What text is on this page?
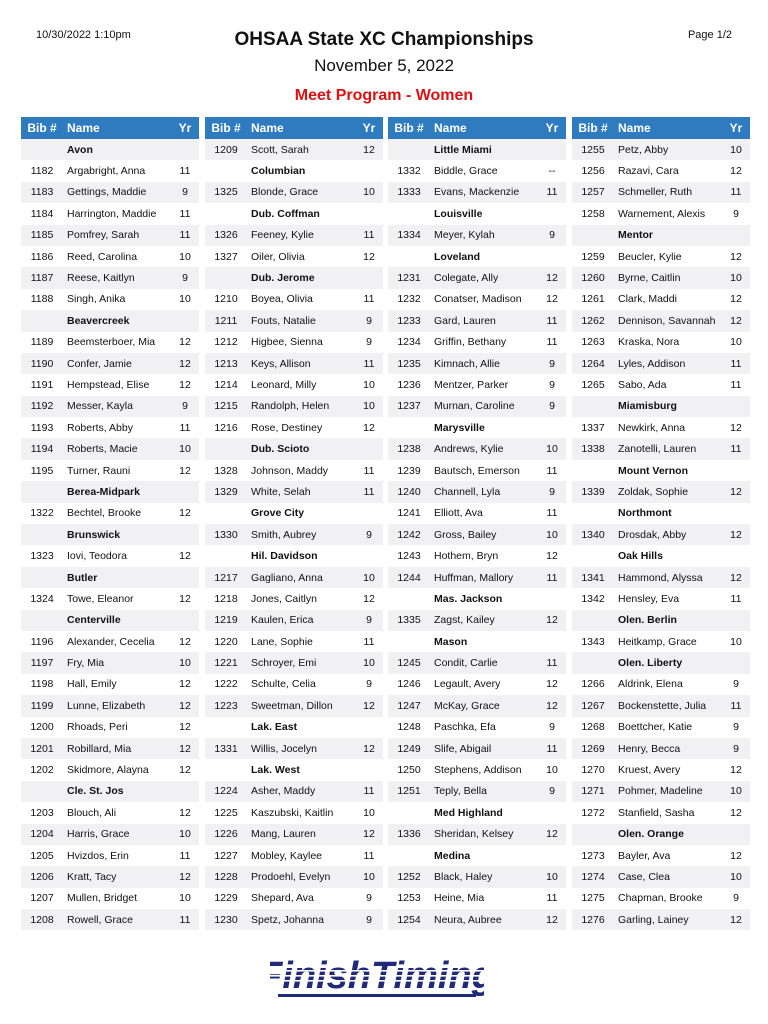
10/30/2022 1:10pm	Page 1/2
OHSAA State XC Championships
November 5, 2022
Meet Program - Women
Bib #	Name	Yr
	Avon	
1182	Argabright, Anna	11
1183	Gettings, Maddie	9
1184	Harrington, Maddie	11
1185	Pomfrey, Sarah	11
1186	Reed, Carolina	10
1187	Reese, Kaitlyn	9
1188	Singh, Anika	10
	Beavercreek	
1189	Beemsterboer, Mia	12
1190	Confer, Jamie	12
1191	Hempstead, Elise	12
1192	Messer, Kayla	9
1193	Roberts, Abby	11
1194	Roberts, Macie	10
1195	Turner, Rauni	12
	Berea-Midpark	
1322	Bechtel, Brooke	12
	Brunswick	
1323	Iovi, Teodora	12
	Butler	
1324	Towe, Eleanor	12
	Centerville	
1196	Alexander, Cecelia	12
1197	Fry, Mia	10
1198	Hall, Emily	12
1199	Lunne, Elizabeth	12
1200	Rhoads, Peri	12
1201	Robillard, Mia	12
1202	Skidmore, Alayna	12
	Cle. St. Jos	
1203	Blouch, Ali	12
1204	Harris, Grace	10
1205	Hvizdos, Erin	11
1206	Kratt, Tacy	12
1207	Mullen, Bridget	10
1208	Rowell, Grace	11
Bib #	Name	Yr
1209	Scott, Sarah	12
	Columbian	
1325	Blonde, Grace	10
	Dub. Coffman	
1326	Feeney, Kylie	11
1327	Oiler, Olivia	12
	Dub. Jerome	
1210	Boyea, Olivia	11
1211	Fouts, Natalie	9
1212	Higbee, Sienna	9
1213	Keys, Allison	11
1214	Leonard, Milly	10
1215	Randolph, Helen	10
1216	Rose, Destiney	12
	Dub. Scioto	
1328	Johnson, Maddy	11
1329	White, Selah	11
	Grove City	
1330	Smith, Aubrey	9
	Hil. Davidson	
1217	Gagliano, Anna	10
1218	Jones, Caitlyn	12
1219	Kaulen, Erica	9
1220	Lane, Sophie	11
1221	Schroyer, Emi	10
1222	Schulte, Celia	9
1223	Sweetman, Dillon	12
	Lak. East	
1331	Willis, Jocelyn	12
	Lak. West	
1224	Asher, Maddy	11
1225	Kaszubski, Kaitlin	10
1226	Mang, Lauren	12
1227	Mobley, Kaylee	11
1228	Prodoehl, Evelyn	10
1229	Shepard, Ava	9
1230	Spetz, Johanna	9
Bib #	Name	Yr
	Little Miami	
1332	Biddle, Grace	--
1333	Evans, Mackenzie	11
	Louisville	
1334	Meyer, Kylah	9
	Loveland	
1231	Colegate, Ally	12
1232	Conatser, Madison	12
1233	Gard, Lauren	11
1234	Griffin, Bethany	11
1235	Kimnach, Allie	9
1236	Mentzer, Parker	9
1237	Murnan, Caroline	9
	Marysville	
1238	Andrews, Kylie	10
1239	Bautsch, Emerson	11
1240	Channell, Lyla	9
1241	Elliott, Ava	11
1242	Gross, Bailey	10
1243	Hothem, Bryn	12
1244	Huffman, Mallory	11
	Mas. Jackson	
1335	Zagst, Kailey	12
	Mason	
1245	Condit, Carlie	11
1246	Legault, Avery	12
1247	McKay, Grace	12
1248	Paschka, Efa	9
1249	Slife, Abigail	11
1250	Stephens, Addison	10
1251	Teply, Bella	9
	Med Highland	
1336	Sheridan, Kelsey	12
	Medina	
1252	Black, Haley	10
1253	Heine, Mia	11
1254	Neura, Aubree	12
Bib #	Name	Yr
1255	Petz, Abby	10
1256	Razavi, Cara	12
1257	Schmeller, Ruth	11
1258	Warnement, Alexis	9
	Mentor	
1259	Beucler, Kylie	12
1260	Byrne, Caitlin	10
1261	Clark, Maddi	12
1262	Dennison, Savannah	12
1263	Kraska, Nora	10
1264	Lyles, Addison	11
1265	Sabo, Ada	11
	Miamisburg	
1337	Newkirk, Anna	12
1338	Zanotelli, Lauren	11
	Mount Vernon	
1339	Zoldak, Sophie	12
	Northmont	
1340	Drosdak, Abby	12
	Oak Hills	
1341	Hammond, Alyssa	12
1342	Hensley, Eva	11
	Olen. Berlin	
1343	Heitkamp, Grace	10
	Olen. Liberty	
1266	Aldrink, Elena	9
1267	Bockenstette, Julia	11
1268	Boettcher, Katie	9
1269	Henry, Becca	9
1270	Kruest, Avery	12
1271	Pohmer, Madeline	10
1272	Stanfield, Sasha	12
	Olen. Orange	
1273	Bayler, Ava	12
1274	Case, Clea	10
1275	Chapman, Brooke	9
1276	Garling, Lainey	12
